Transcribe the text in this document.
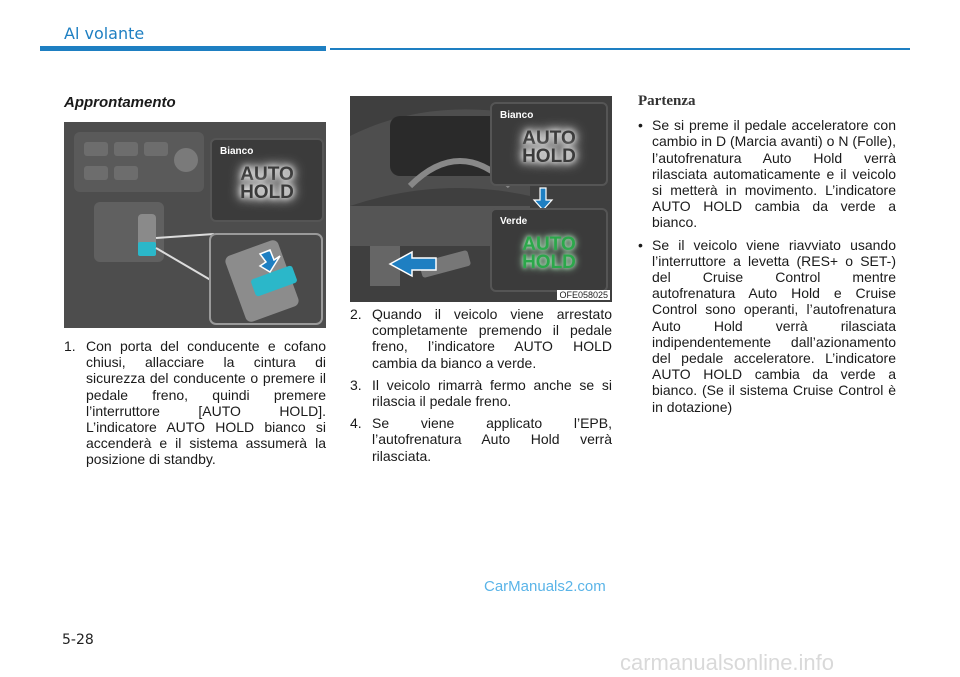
Al volante
Approntamento
Bianco
AUTO
HOLD
Bianco
AUTO
HOLD
Verde
AUTO
HOLD
OFE058025
1. Con porta del conducente e cofano chiusi, allacciare la cintura di sicurezza del conducente o premere il pedale freno, quindi premere l’interruttore [AUTO HOLD]. L’indicatore AUTO HOLD bianco si accenderà e il sistema assumerà la posizione di standby.
2. Quando il veicolo viene arrestato completamente premendo il pedale freno, l’indicatore AUTO HOLD cambia da bianco a verde.
3. Il veicolo rimarrà fermo anche se si rilascia il pedale freno.
4. Se viene applicato l’EPB, l’autofrenatura Auto Hold verrà rilasciata.
Partenza
• Se si preme il pedale acceleratore con cambio in D (Marcia avanti) o N (Folle), l’autofrenatura Auto Hold verrà rilasciata automaticamente e il veicolo si metterà in movimento. L’indicatore AUTO HOLD cambia da verde a bianco.
• Se il veicolo viene riavviato usando l’interruttore a levetta (RES+ o SET-) del Cruise Control mentre autofrenatura Auto Hold e Cruise Control sono operanti, l’autofrenatura Auto Hold verrà rilasciata indipendentemente dall’azionamento del pedale acceleratore. L’indicatore AUTO HOLD cambia da verde a bianco. (Se il sistema Cruise Control è in dotazione)
CarManuals2.com
5-28
carmanualsonline.info
